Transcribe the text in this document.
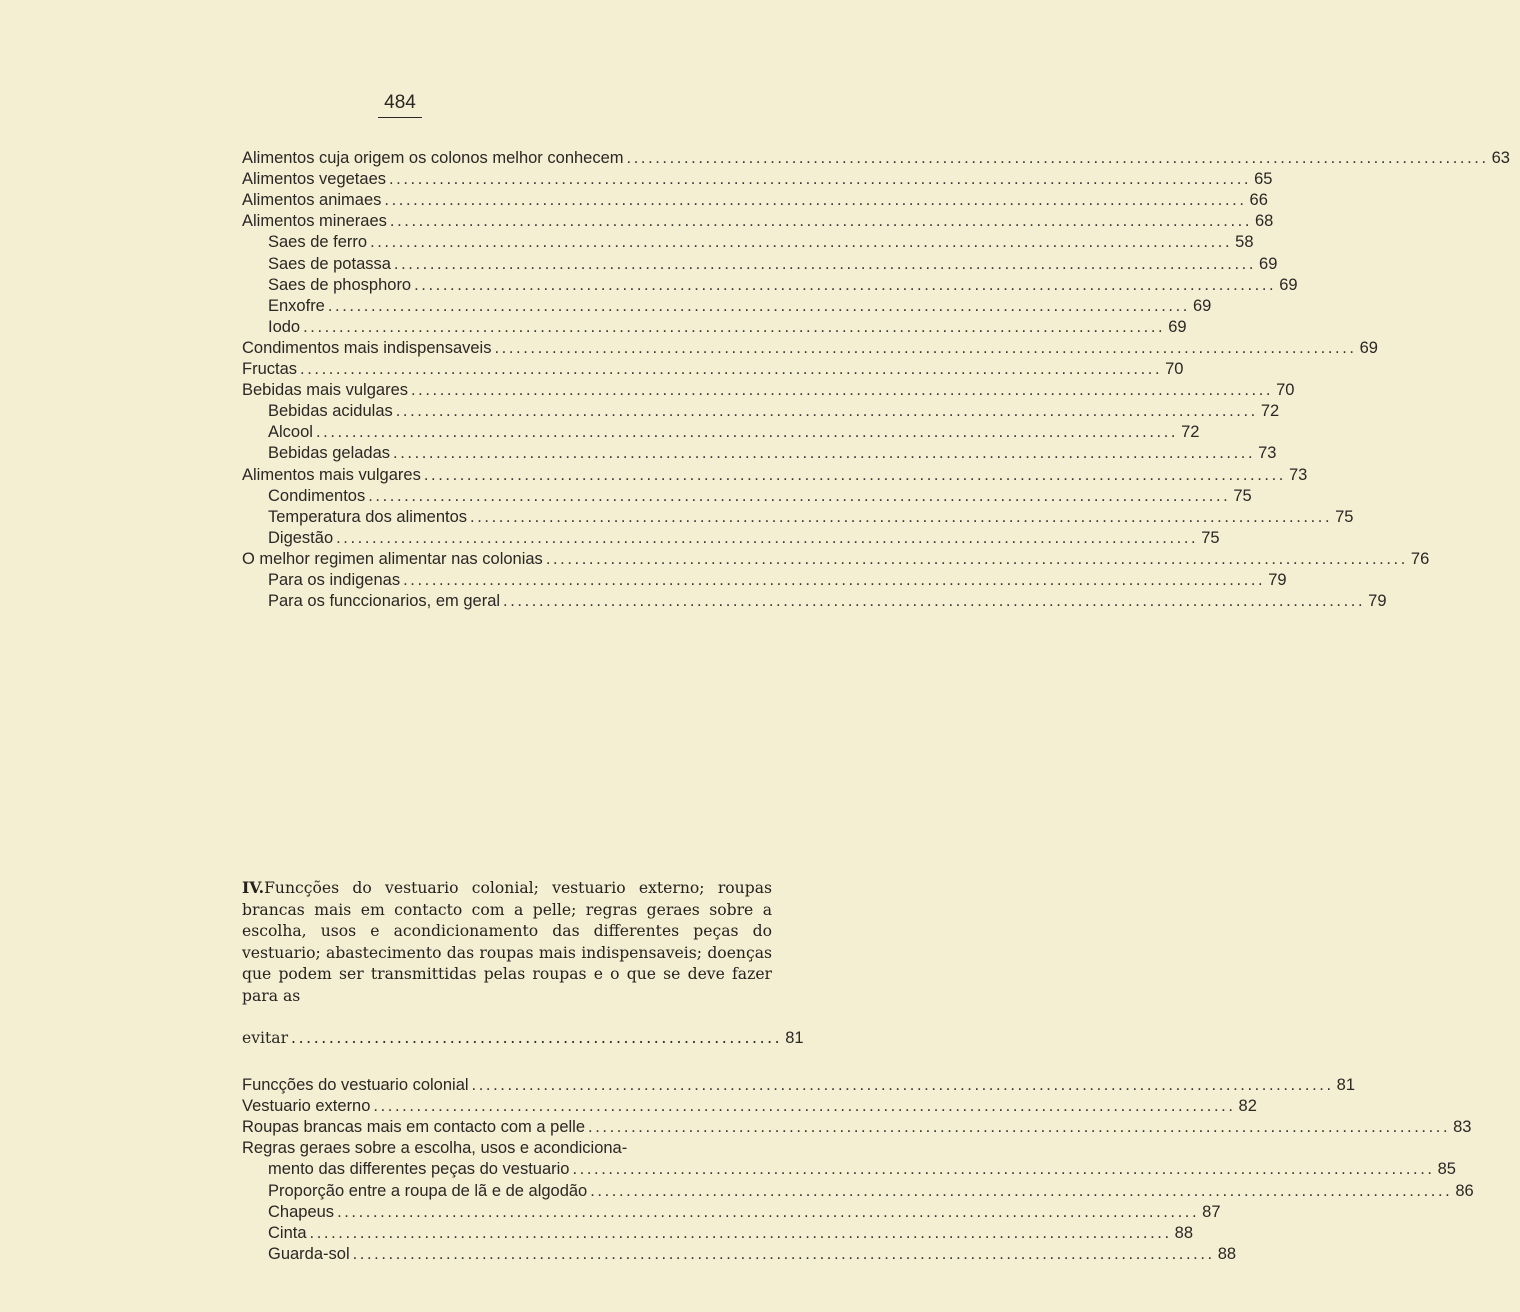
484
Alimentos cuja origem os colonos melhor conhecem ........................................................................................................................ 63
Alimentos vegetaes ........................................................................................................................ 65
Alimentos animaes ........................................................................................................................ 66
Alimentos mineraes ........................................................................................................................ 68
Saes de ferro ........................................................................................................................ 58
Saes de potassa ........................................................................................................................ 69
Saes de phosphoro ........................................................................................................................ 69
Enxofre ........................................................................................................................ 69
Iodo ........................................................................................................................ 69
Condimentos mais indispensaveis ........................................................................................................................ 69
Fructas ........................................................................................................................ 70
Bebidas mais vulgares ........................................................................................................................ 70
Bebidas acidulas ........................................................................................................................ 72
Alcool ........................................................................................................................ 72
Bebidas geladas ........................................................................................................................ 73
Alimentos mais vulgares ........................................................................................................................ 73
Condimentos ........................................................................................................................ 75
Temperatura dos alimentos ........................................................................................................................ 75
Digestão ........................................................................................................................ 75
O melhor regimen alimentar nas colonias ........................................................................................................................ 76
Para os indigenas ........................................................................................................................ 79
Para os funccionarios, em geral ........................................................................................................................ 79

IV.Funcções do vestuario colonial; vestuario externo; roupas brancas mais em contacto com a pelle; regras geraes sobre a escolha, usos e acondicionamento das differentes peças do vestuario; abastecimento das roupas mais indispensaveis; doenças que podem ser transmittidas pelas roupas e o que se deve fazer para as

evitar ................................................................. 81
Funcções do vestuario colonial ........................................................................................................................ 81
Vestuario externo ........................................................................................................................ 82
Roupas brancas mais em contacto com a pelle ........................................................................................................................ 83
Regras geraes sobre a escolha, usos e acondiciona-
mento das differentes peças do vestuario ........................................................................................................................ 85
Proporção entre a roupa de lã e de algodão ........................................................................................................................ 86
Chapeus ........................................................................................................................ 87
Cinta ........................................................................................................................ 88
Guarda-sol ........................................................................................................................ 88
